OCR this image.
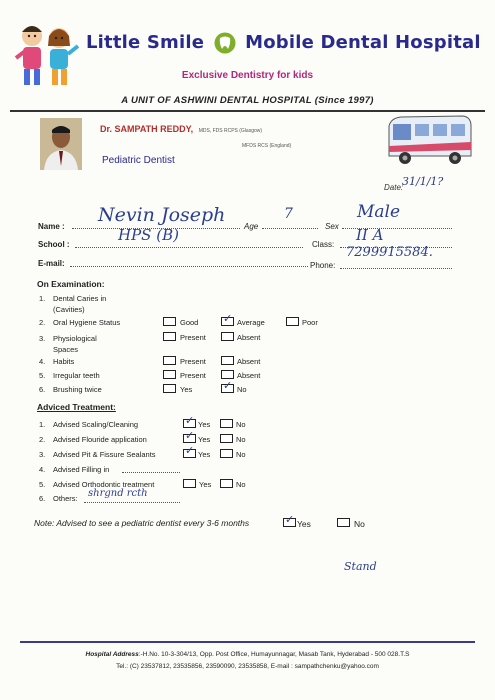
Little Smile Mobile Dental Hospital
Exclusive Dentistry for kids
A UNIT OF ASHWINI DENTAL HOSPITAL (Since 1997)
Dr. SAMPATH REDDY, MDS, FDS RCPS (Glasgow)
MFDS RCS (England)
Pediatric Dentist
Date:
31/1/1?
Name :
Nevin Joseph
Age
7
Sex
Male
School :
HPS (B)
Class:
II A
E-mail:	Phone:
7299915584.
On Examination:
1. Dental Caries in
(Cavities)
2. Oral Hygiene Status	Good ✓ Average	Poor
3. Physiological
Spaces
Present	Absent
4. Habits	Present	Absent
5. Irregular teeth	Present	Absent
6. Brushing twice	Yes	✓ No
Adviced Treatment:
1. Advised Scaling/Cleaning	✓ Yes	No
2. Advised Flouride application	✓ Yes	No
3. Advised Pit & Fissure Sealants	✓ Yes	No
4. Advised Filling in
5. Advised Orthodontic treatment	Yes	No
6. Others: shrgnd rcth
Note: Advised to see a pediatric dentist every 3-6 months	✓ Yes	No
Stand
Hospital Address:-H.No. 10-3-304/13, Opp. Post Office, Humayunnagar, Masab Tank, Hyderabad - 500 028.T.S
Tel.: (C) 23537812, 23535856, 23590090, 23535858, E-mail : sampathchenku@yahoo.com
